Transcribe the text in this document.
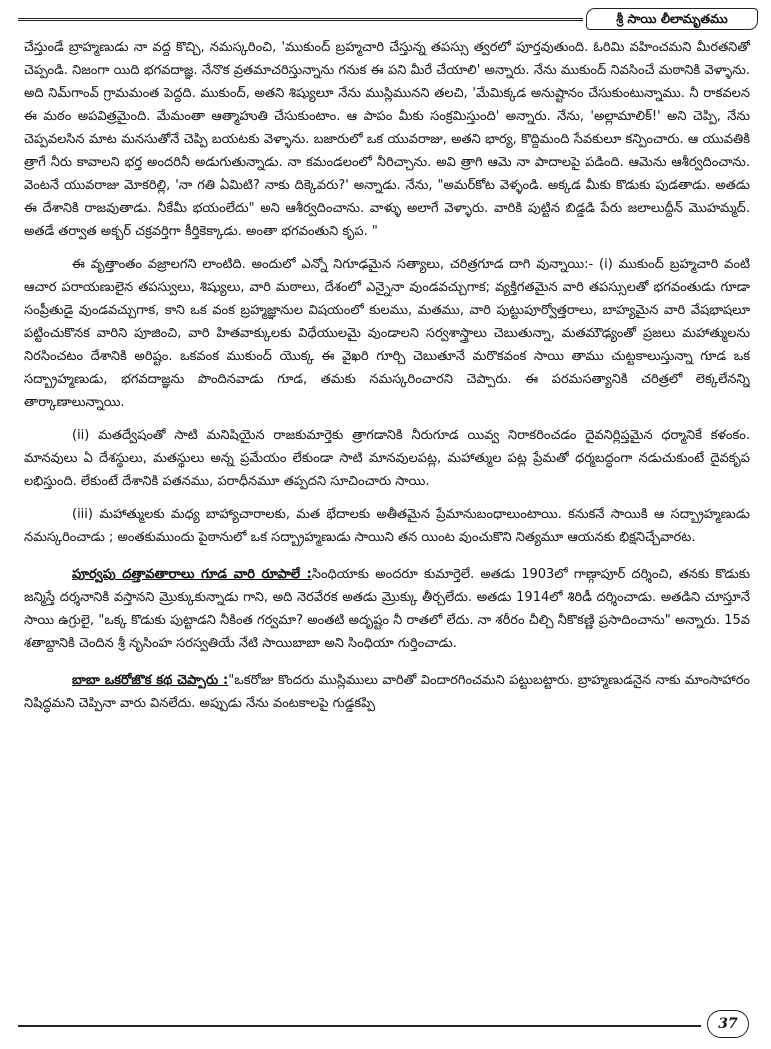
శ్రీ సాయి లీలామృతము

చేస్తుండే బ్రాహ్మణుడు నా వద్ద కొచ్చి, నమస్కరించి, 'ముకుంద్ బ్రహ్మచారి చేస్తున్న తపస్సు త్వరలో పూర్తవుతుంది. ఓరిమి వహించమని మీరతనితో చెప్పండి. నిజంగా యిది భగవదాజ్ఞ. నేనొక వ్రతమాచరిస్తున్నాను గనుక ఈ పని మీరే చేయాలి' అన్నారు. నేను ముకుంద్ నివసించే మఠానికి వెళ్ళాను. అది నిమ్‌గాంవ్ గ్రామమంత పెద్దది. ముకుంద్, అతని శిష్యులూ నేను ముస్లిమునని తలచి, 'మేమిక్కడ అనుష్టానం చేసుకుంటున్నాము. నీ రాకవలన ఈ మఠం అపవిత్రమైంది. మేమంతా ఆత్మాహుతి చేసుకుంటాం. ఆ పాపం మీకు సంక్రమిస్తుంది' అన్నారు. నేను, 'అల్లామాలిక్!' అని చెప్పి, నేను చెప్పవలసిన మాట మనసుతోనే చెప్పి బయటకు వెళ్ళాను. బజారులో ఒక యువరాజు, అతని భార్య, కొద్దిమంది సేవకులూ కన్పించారు. ఆ యువతికి త్రాగే నీరు కావాలని భర్త అందరినీ అడుగుతున్నాడు. నా కమండలంలో నీరిచ్చాను. అవి త్రాగి ఆమె నా పాదాలపై పడింది. ఆమెను ఆశీర్వదించాను. వెంటనే యువరాజు మోకరిల్లి, 'నా గతి ఏమిటి? నాకు దిక్కెవరు?' అన్నాడు. నేను, "అమర్‌కోట వెళ్ళండి. అక్కడ మీకు కొడుకు పుడతాడు. అతడు ఈ దేశానికి రాజవుతాడు. నీకేమీ భయంలేదు" అని ఆశీర్వదించాను. వాళ్ళు అలాగే వెళ్ళారు. వారికి పుట్టిన బిడ్డడి పేరు జలాలుద్దీన్ మొహమ్మద్. అతడే తర్వాత అక్బర్ చక్రవర్తిగా కీర్తికెక్కాడు. అంతా భగవంతుని కృప. "

ఈ వృత్తాంతం వజ్రాలగని లాంటిది. అందులో ఎన్నో నిగూఢమైన సత్యాలు, చరిత్రగూడ దాగి వున్నాయి:- (i) ముకుంద్ బ్రహ్మచారి వంటి ఆచార పరాయణులైన తపస్వులు, శిష్యులు, వారి మఠాలు, దేశంలో ఎన్నైనా వుండవచ్చుగాక; వ్యక్తిగతమైన వారి తపస్సులతో భగవంతుడు గూడా సంప్రీతుడై వుండవచ్చుగాక, కాని ఒక వంక బ్రహ్మజ్ఞానుల విషయంలో కులము, మతము, వారి పుట్టుపూర్వోత్తరాలు, బాహ్యమైన వారి వేషభాషలూ పట్టించుకొనక వారిని పూజించి, వారి హితవాక్కులకు విధేయులమై వుండాలని సర్వశాస్త్రాలు చెబుతున్నా, మతమౌఢ్యంతో ప్రజలు మహాత్ములను నిరసించటం దేశానికి అరిష్టం. ఒకవంక ముకుంద్ యొక్క ఈ వైఖరి గూర్చి చెబుతూనే మరొకవంక సాయి తాము చుట్టకాలుస్తున్నా గూడ ఒక సద్బ్రాహ్మణుడు, భగవదాజ్ఞను పొందినవాడు గూడ, తమకు నమస్కరించారని చెప్పారు. ఈ పరమసత్యానికి చరిత్రలో లెక్కలేనన్ని తార్కాణాలున్నాయి.

(ii) మతద్వేషంతో సాటి మనిషియైన రాజకుమార్తెకు త్రాగడానికి నీరుగూడ యివ్వ నిరాకరించడం దైవనిర్లిప్తమైన ధర్మానికే కళంకం. మానవులు ఏ దేశస్థులు, మతస్థులు అన్న ప్రమేయం లేకుండా సాటి మానవులపట్ల, మహాత్ముల పట్ల ప్రేమతో ధర్మబద్ధంగా నడుచుకుంటే దైవకృప లభిస్తుంది. లేకుంటే దేశానికి పతనము, పరాధీనమూ తప్పదని సూచించారు సాయి.

(iii) మహాత్ములకు మధ్య బాహ్యాచారాలకు, మత భేదాలకు అతీతమైన ప్రేమానుబంధాలుంటాయి. కనుకనే సాయికి ఆ సద్బ్రాహ్మణుడు నమస్కరించాడు ; అంతకుముందు పైఠానులో ఒక సద్బ్రాహ్మణుడు సాయిని తన యింట వుంచుకొని నిత్యమూ ఆయనకు భిక్షనిచ్చేవారట.

పూర్వపు దత్తావతారాలు గూడ వారి రూపాలే :సింధియాకు అందరూ కుమార్తెలే. అతడు 1903లో గాణ్గాపూర్ దర్శించి, తనకు కొడుకు జన్మిస్తే దర్శనానికి వస్తానని మ్రొక్కుకున్నాడు గాని, అది నెరవేరక అతడు మ్రొక్కు తీర్చలేదు. అతడు 1914లో శిరిడీ దర్శించాడు. అతడిని చూస్తూనే సాయి ఉగ్రులై, "ఒక్క కొడుకు పుట్టాడని నీకింత గర్వమా? అంతటి అదృష్టం నీ రాతలో లేదు. నా శరీరం చీల్చి నీకొకణ్ణి ప్రసాదించాను" అన్నారు. 15వ శతాబ్దానికి చెందిన శ్రీ నృసింహ సరస్వతియే నేటి సాయిబాబా అని సింధియా గుర్తించాడు.

బాబా ఒకరోజొక కథ చెప్పారు :"ఒకరోజు కొందరు ముస్లిములు వారితో విందారగించమని పట్టుబట్టారు. బ్రాహ్మణుడనైన నాకు మాంసాహారం నిషిద్ధమని చెప్పినా వారు వినలేదు. అప్పుడు నేను వంటకాలపై గుడ్డకప్పి

37
